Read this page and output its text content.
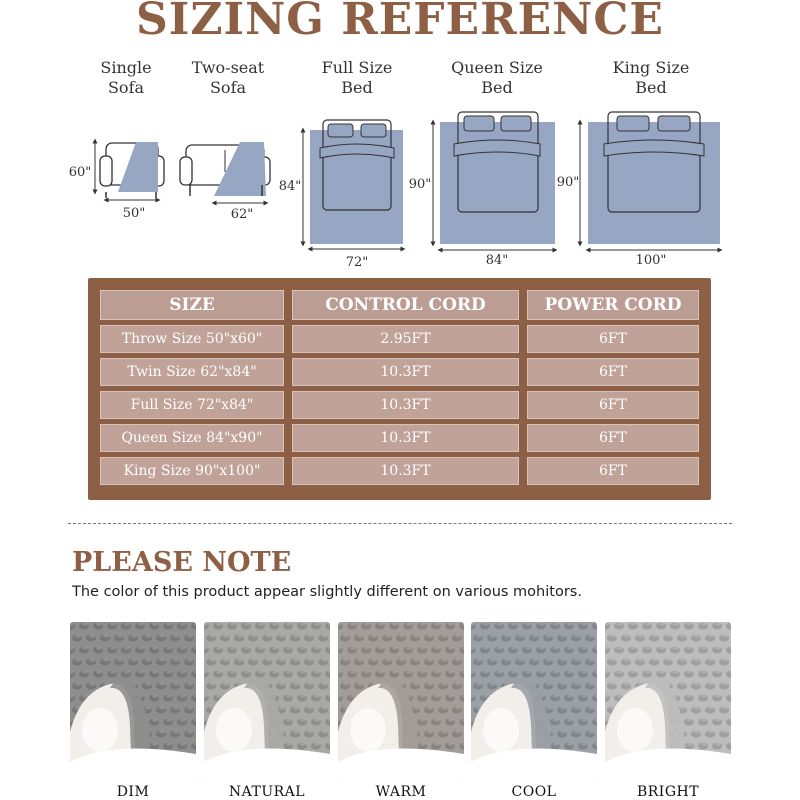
SIZING REFERENCE
Single
Sofa
Two-seat
Sofa
Full Size
Bed
Queen Size
Bed
King Size
Bed
60"
50"	62"
84"
72"
90"
84"
90"
100"
SIZE	CONTROL CORD	POWER CORD
Throw Size 50"x60"	2.95FT	6FT
Twin Size 62"x84"	10.3FT	6FT
Full Size 72"x84"	10.3FT	6FT
Queen Size 84"x90"	10.3FT	6FT
King Size 90"x100"	10.3FT	6FT
PLEASE NOTE
The color of this product appear slightly different on various mohitors.
DIM	NATURAL	WARM	COOL	BRIGHT
